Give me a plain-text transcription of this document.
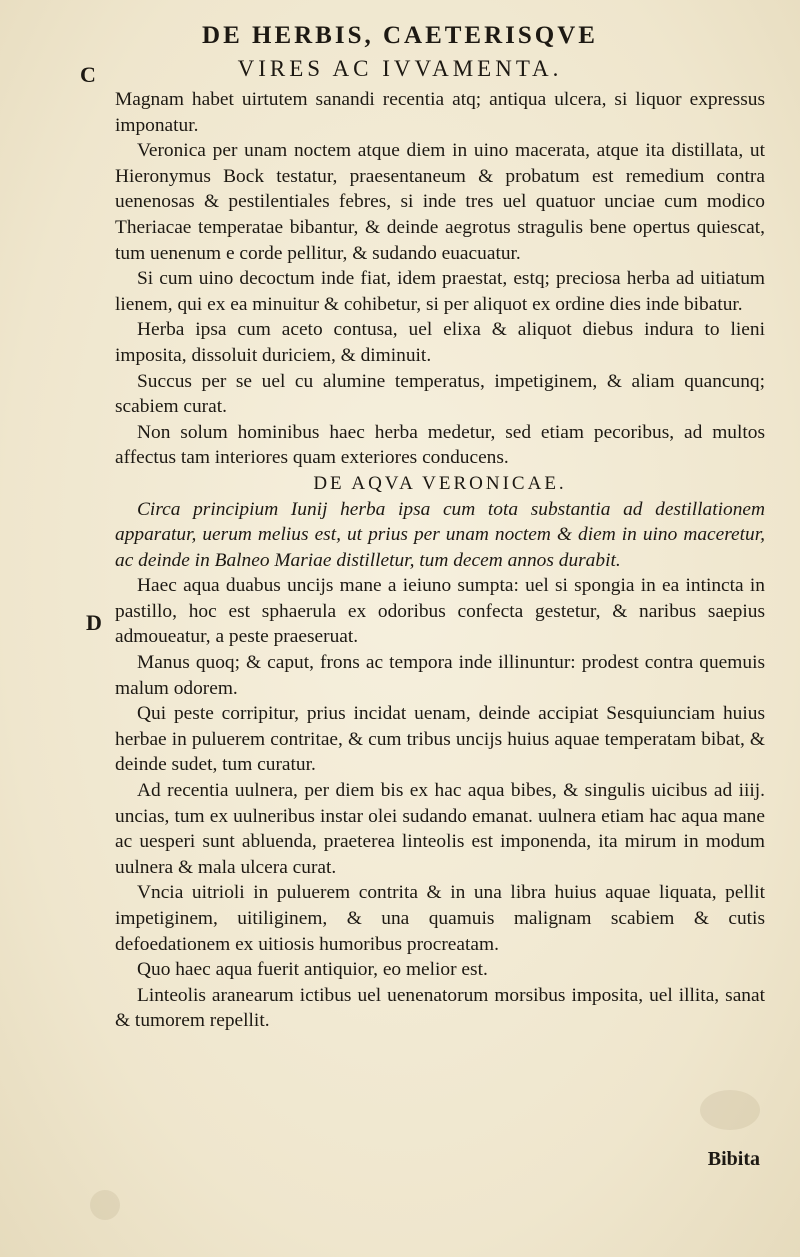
DE HERBIS, CAETERISQVE
VIRES AC IVVAMENTA.
C
D

Magnam habet uirtutem sanandi recentia atq; antiqua ulcera, si liquor expressus imponatur.

Veronica per unam noctem atque diem in uino macerata, atque ita distillata, ut Hieronymus Bock testatur, praesentaneum & probatum est remedium contra uenenosas & pestilentiales febres, si inde tres uel quatuor unciae cum modico Theriacae temperatae bibantur, & deinde aegrotus stragulis bene opertus quiescat, tum uenenum e corde pellitur, & sudando euacuatur.

Si cum uino decoctum inde fiat, idem praestat, estq; preciosa herba ad uitiatum lienem, qui ex ea minuitur & cohibetur, si per aliquot ex ordine dies inde bibatur.

Herba ipsa cum aceto contusa, uel elixa & aliquot diebus indura to lieni imposita, dissoluit duriciem, & diminuit.

Succus per se uel cu alumine temperatus, impetiginem, & aliam quancunq; scabiem curat.

Non solum hominibus haec herba medetur, sed etiam pecoribus, ad multos affectus tam interiores quam exteriores conducens.

DE AQVA VERONICAE.

Circa principium Iunij herba ipsa cum tota substantia ad destillationem apparatur, uerum melius est, ut prius per unam noctem & diem in uino maceretur, ac deinde in Balneo Mariae distilletur, tum decem annos durabit.

Haec aqua duabus uncijs mane a ieiuno sumpta: uel si spongia in ea intincta in pastillo, hoc est sphaerula ex odoribus confecta gestetur, & naribus saepius admoueatur, a peste praeseruat.

Manus quoq; & caput, frons ac tempora inde illinuntur: prodest contra quemuis malum odorem.

Qui peste corripitur, prius incidat uenam, deinde accipiat Sesquiunciam huius herbae in puluerem contritae, & cum tribus uncijs huius aquae temperatam bibat, & deinde sudet, tum curatur.

Ad recentia uulnera, per diem bis ex hac aqua bibes, & singulis uicibus ad iiij. uncias, tum ex uulneribus instar olei sudando emanat. uulnera etiam hac aqua mane ac uesperi sunt abluenda, praeterea linteolis est imponenda, ita mirum in modum uulnera & mala ulcera curat.

Vncia uitrioli in puluerem contrita & in una libra huius aquae liquata, pellit impetiginem, uitiliginem, & una quamuis malignam scabiem & cutis defoedationem ex uitiosis humoribus procreatam.

Quo haec aqua fuerit antiquior, eo melior est.

Linteolis aranearum ictibus uel uenenatorum morsibus imposita, uel illita, sanat & tumorem repellit.

Bibita
